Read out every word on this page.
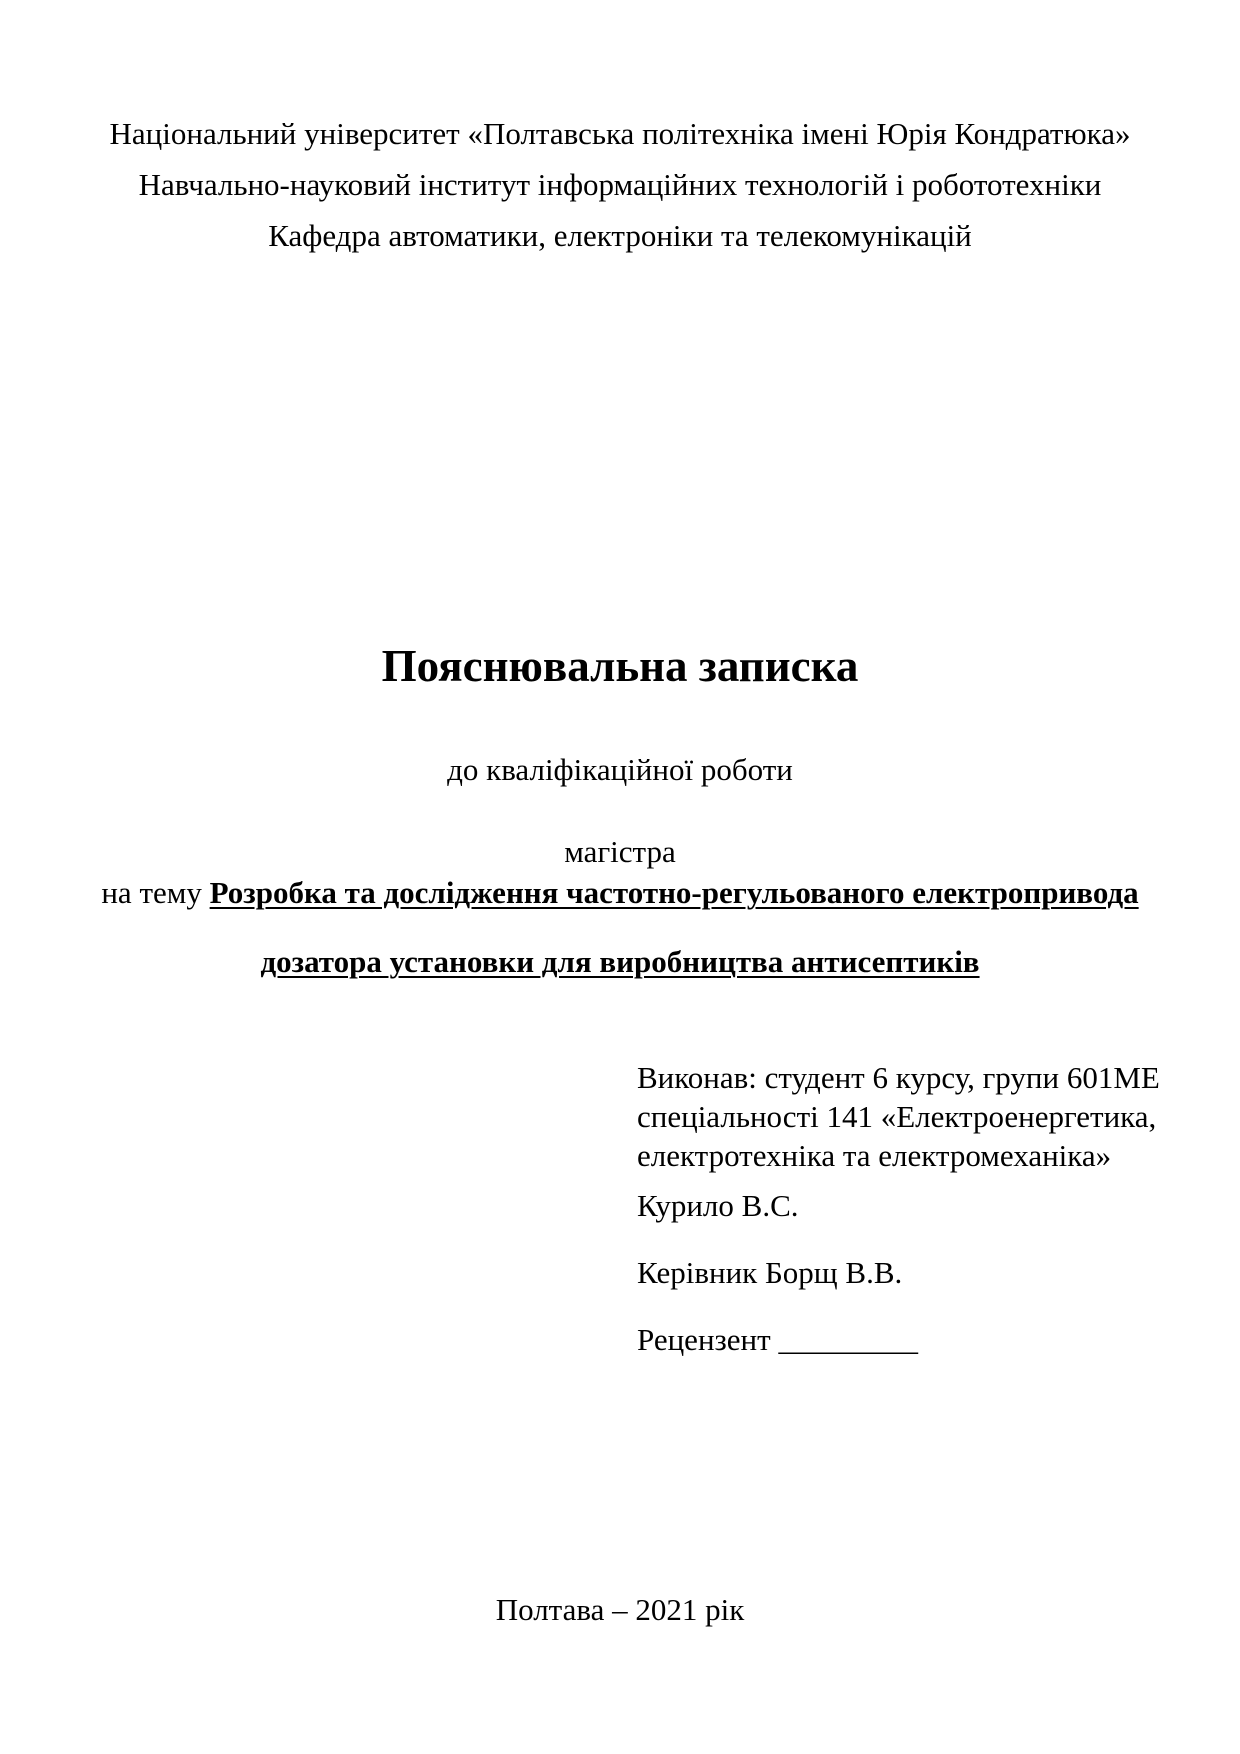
Національний університет «Полтавська політехніка імені Юрія Кондратюка»
Навчально-науковий інститут інформаційних технологій і робототехніки
Кафедра автоматики, електроніки та телекомунікацій
Пояснювальна записка
до кваліфікаційної роботи
магістра
на тему Розробка та дослідження частотно-регульованого електропривода
дозатора установки для виробництва антисептиків
Виконав: студент 6 курсу, групи 601МЕ
спеціальності 141 «Електроенергетика,
електротехніка та електромеханіка»
Курило В.С.
Керівник Борщ В.В.
Рецензент _________
Полтава – 2021 рік
